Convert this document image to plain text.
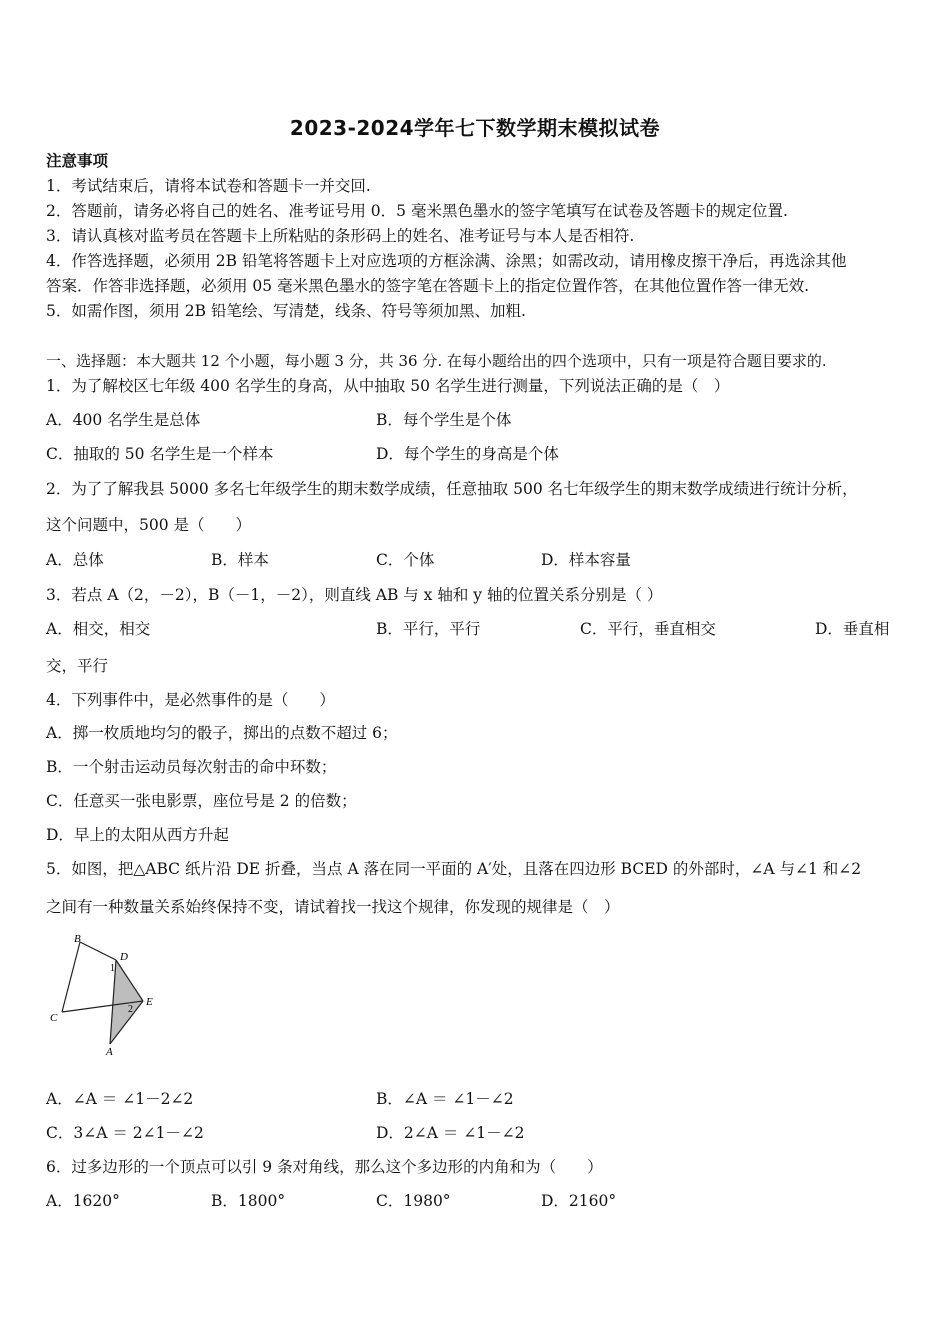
2023-2024学年七下数学期末模拟试卷
注意事项
1．考试结束后，请将本试卷和答题卡一并交回.
2．答题前，请务必将自己的姓名、准考证号用 0．5 毫米黑色墨水的签字笔填写在试卷及答题卡的规定位置.
3．请认真核对监考员在答题卡上所粘贴的条形码上的姓名、准考证号与本人是否相符.
4．作答选择题，必须用 2B 铅笔将答题卡上对应选项的方框涂满、涂黑；如需改动，请用橡皮擦干净后，再选涂其他
答案．作答非选择题，必须用 05 毫米黑色墨水的签字笔在答题卡上的指定位置作答，在其他位置作答一律无效.
5．如需作图，须用 2B 铅笔绘、写清楚，线条、符号等须加黑、加粗.
一、选择题：本大题共 12 个小题，每小题 3 分，共 36 分. 在每小题给出的四个选项中，只有一项是符合题目要求的.
1．为了解校区七年级 400 名学生的身高，从中抽取 50 名学生进行测量，下列说法正确的是（　）
A．400 名学生是总体	B．每个学生是个体
C．抽取的 50 名学生是一个样本	D．每个学生的身高是个体
2．为了了解我县 5000 多名七年级学生的期末数学成绩，任意抽取 500 名七年级学生的期末数学成绩进行统计分析，
这个问题中，500 是（　　）
A．总体	B．样本	C．个体	D．样本容量
3．若点 A（2，－2），B（－1，－2），则直线 AB 与 x 轴和 y 轴的位置关系分别是（ ）
A．相交，相交	B．平行，平行	C．平行，垂直相交	D．垂直相
交，平行
4．下列事件中，是必然事件的是（　　）
A．掷一枚质地均匀的骰子，掷出的点数不超过 6；
B．一个射击运动员每次射击的命中环数；
C．任意买一张电影票，座位号是 2 的倍数；
D．早上的太阳从西方升起
5．如图，把△ABC 纸片沿 DE 折叠，当点 A 落在同一平面的 A′处，且落在四边形 BCED 的外部时，∠A 与∠1 和∠2
之间有一种数量关系始终保持不变，请试着找一找这个规律，你发现的规律是（　）
B
D
C
E
A
1
2
A．∠A ＝ ∠1－2∠2	B．∠A ＝ ∠1－∠2
C．3∠A ＝ 2∠1－∠2	D．2∠A ＝ ∠1－∠2
6．过多边形的一个顶点可以引 9 条对角线，那么这个多边形的内角和为（　　）
A．1620°	B．1800°	C．1980°	D．2160°
